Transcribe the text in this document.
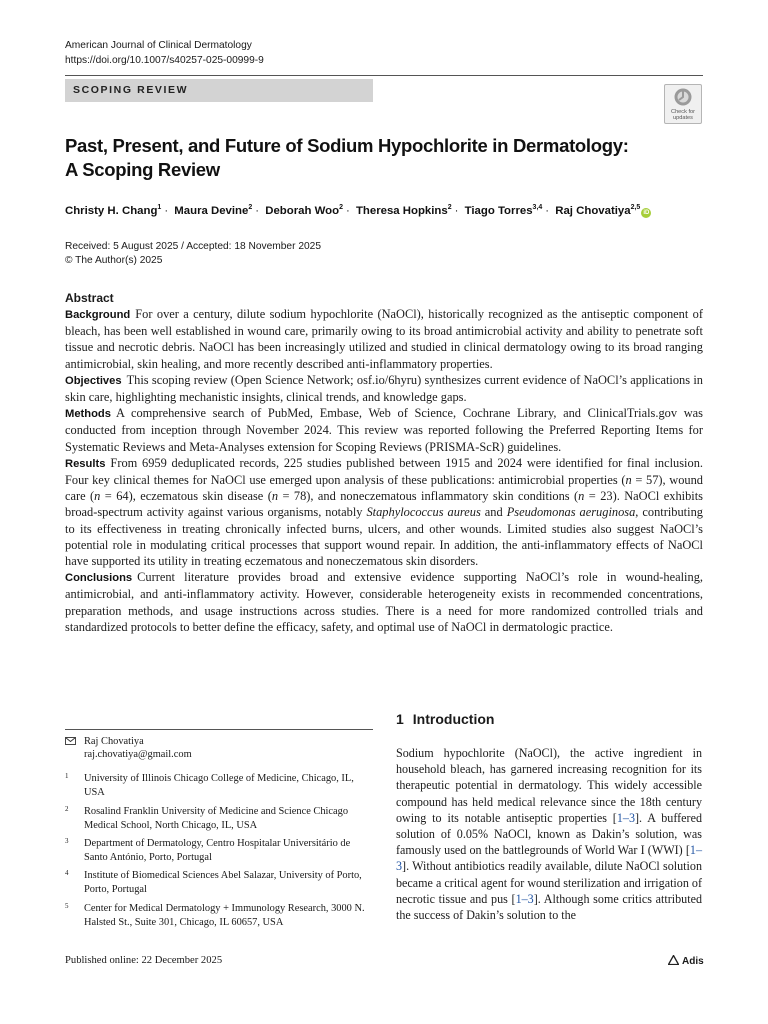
American Journal of Clinical Dermatology
https://doi.org/10.1007/s40257-025-00999-9
SCOPING REVIEW
Check for updates
Past, Present, and Future of Sodium Hypochlorite in Dermatology:
A Scoping Review
Christy H. Chang$^1$ · Maura Devine$^2$ · Deborah Woo$^2$ · Theresa Hopkins$^2$ · Tiago Torres$^{3,4}$ · Raj Chovatiya$^{2,5}$iD
Received: 5 August 2025 / Accepted: 18 November 2025
© The Author(s) 2025
Abstract

Background For over a century, dilute sodium hypochlorite (NaOCl), historically recognized as the antiseptic component of bleach, has been well established in wound care, primarily owing to its broad antimicrobial activity and ability to penetrate soft tissue and necrotic debris. NaOCl has been increasingly utilized and studied in clinical dermatology owing to its broad ranging antimicrobial, skin healing, and more recently described anti-inflammatory properties.

Objectives This scoping review (Open Science Network; osf.io/6hyru) synthesizes current evidence of NaOCl’s applications in skin care, highlighting mechanistic insights, clinical trends, and knowledge gaps.

Methods A comprehensive search of PubMed, Embase, Web of Science, Cochrane Library, and ClinicalTrials.gov was conducted from inception through November 2024. This review was reported following the Preferred Reporting Items for Systematic Reviews and Meta-Analyses extension for Scoping Reviews (PRISMA-ScR) guidelines.

Results From 6959 deduplicated records, 225 studies published between 1915 and 2024 were identified for final inclusion. Four key clinical themes for NaOCl use emerged upon analysis of these publications: antimicrobial properties (n = 57), wound care (n = 64), eczematous skin disease (n = 78), and noneczematous inflammatory skin conditions (n = 23). NaOCl exhibits broad-spectrum activity against various organisms, notably Staphylococcus aureus and Pseudomonas aeruginosa, contributing to its effectiveness in treating chronically infected burns, ulcers, and other wounds. Limited studies also suggest NaOCl’s potential role in modulating critical processes that support wound repair. In addition, the anti-inflammatory effects of NaOCl have supported its utility in treating eczematous and noneczematous skin disorders.

Conclusions Current literature provides broad and extensive evidence supporting NaOCl’s role in wound-healing, antimicrobial, and anti-inflammatory activity. However, considerable heterogeneity exists in recommended concentrations, preparation methods, and usage instructions across studies. There is a need for more randomized controlled trials and standardized protocols to better define the efficacy, safety, and optimal use of NaOCl in dermatologic practice.

Raj Chovatiya
raj.chovatiya@gmail.com
1 University of Illinois Chicago College of Medicine, Chicago, IL, USA
2 Rosalind Franklin University of Medicine and Science Chicago Medical School, North Chicago, IL, USA
3 Department of Dermatology, Centro Hospitalar Universitário de Santo António, Porto, Portugal
4 Institute of Biomedical Sciences Abel Salazar, University of Porto, Porto, Portugal
5 Center for Medical Dermatology + Immunology Research, 3000 N. Halsted St., Suite 301, Chicago, IL 60657, USA
1 Introduction
Sodium hypochlorite (NaOCl), the active ingredient in household bleach, has garnered increasing recognition for its therapeutic potential in dermatology. This widely accessible compound has held medical relevance since the 18th century owing to its notable antiseptic properties [1–3]. A buffered solution of 0.05% NaOCl, known as Dakin’s solution, was famously used on the battlegrounds of World War I (WWI) [1–3]. Without antibiotics readily available, dilute NaOCl solution became a critical agent for wound sterilization and irrigation of necrotic tissue and pus [1–3]. Although some critics attributed the success of Dakin’s solution to the
Published online: 22 December 2025	Adis
